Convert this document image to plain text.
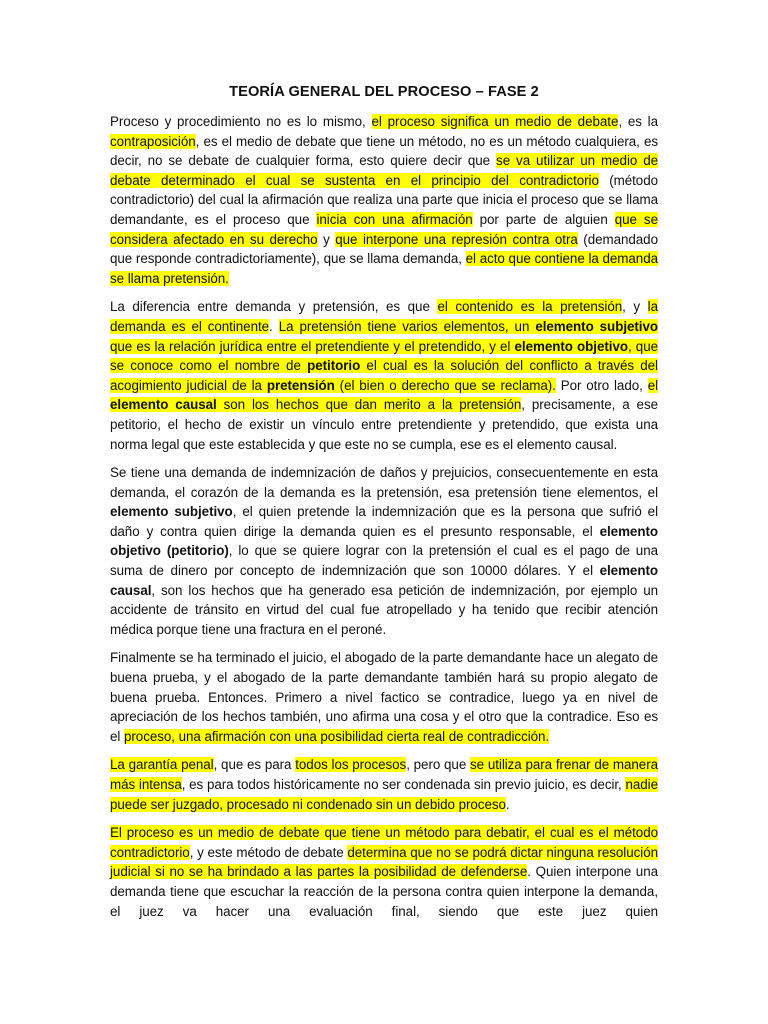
TEORÍA GENERAL DEL PROCESO – FASE 2

Proceso y procedimiento no es lo mismo, el proceso significa un medio de debate, es la contraposición, es el medio de debate que tiene un método, no es un método cualquiera, es decir, no se debate de cualquier forma, esto quiere decir que se va utilizar un medio de debate determinado el cual se sustenta en el principio del contradictorio (método contradictorio) del cual la afirmación que realiza una parte que inicia el proceso que se llama demandante, es el proceso que inicia con una afirmación por parte de alguien que se considera afectado en su derecho y que interpone una represión contra otra (demandado que responde contradictoriamente), que se llama demanda, el acto que contiene la demanda se llama pretensión.

La diferencia entre demanda y pretensión, es que el contenido es la pretensión, y la demanda es el continente. La pretensión tiene varios elementos, un elemento subjetivo que es la relación jurídica entre el pretendiente y el pretendido, y el elemento objetivo, que se conoce como el nombre de petitorio el cual es la solución del conflicto a través del acogimiento judicial de la pretensión (el bien o derecho que se reclama). Por otro lado, el elemento causal son los hechos que dan merito a la pretensión, precisamente, a ese petitorio, el hecho de existir un vínculo entre pretendiente y pretendido, que exista una norma legal que este establecida y que este no se cumpla, ese es el elemento causal.

Se tiene una demanda de indemnización de daños y prejuicios, consecuentemente en esta demanda, el corazón de la demanda es la pretensión, esa pretensión tiene elementos, el elemento subjetivo, el quien pretende la indemnización que es la persona que sufrió el daño y contra quien dirige la demanda quien es el presunto responsable, el elemento objetivo (petitorio), lo que se quiere lograr con la pretensión el cual es el pago de una suma de dinero por concepto de indemnización que son 10000 dólares. Y el elemento causal, son los hechos que ha generado esa petición de indemnización, por ejemplo un accidente de tránsito en virtud del cual fue atropellado y ha tenido que recibir atención médica porque tiene una fractura en el peroné.

Finalmente se ha terminado el juicio, el abogado de la parte demandante hace un alegato de buena prueba, y el abogado de la parte demandante también hará su propio alegato de buena prueba. Entonces. Primero a nivel factico se contradice, luego ya en nivel de apreciación de los hechos también, uno afirma una cosa y el otro que la contradice. Eso es el proceso, una afirmación con una posibilidad cierta real de contradicción.

La garantía penal, que es para todos los procesos, pero que se utiliza para frenar de manera más intensa, es para todos históricamente no ser condenada sin previo juicio, es decir, nadie puede ser juzgado, procesado ni condenado sin un debido proceso.

El proceso es un medio de debate que tiene un método para debatir, el cual es el método contradictorio, y este método de debate determina que no se podrá dictar ninguna resolución judicial si no se ha brindado a las partes la posibilidad de defenderse. Quien interpone una demanda tiene que escuchar la reacción de la persona contra quien interpone la demanda, el juez va hacer una evaluación final, siendo que este juez quien
